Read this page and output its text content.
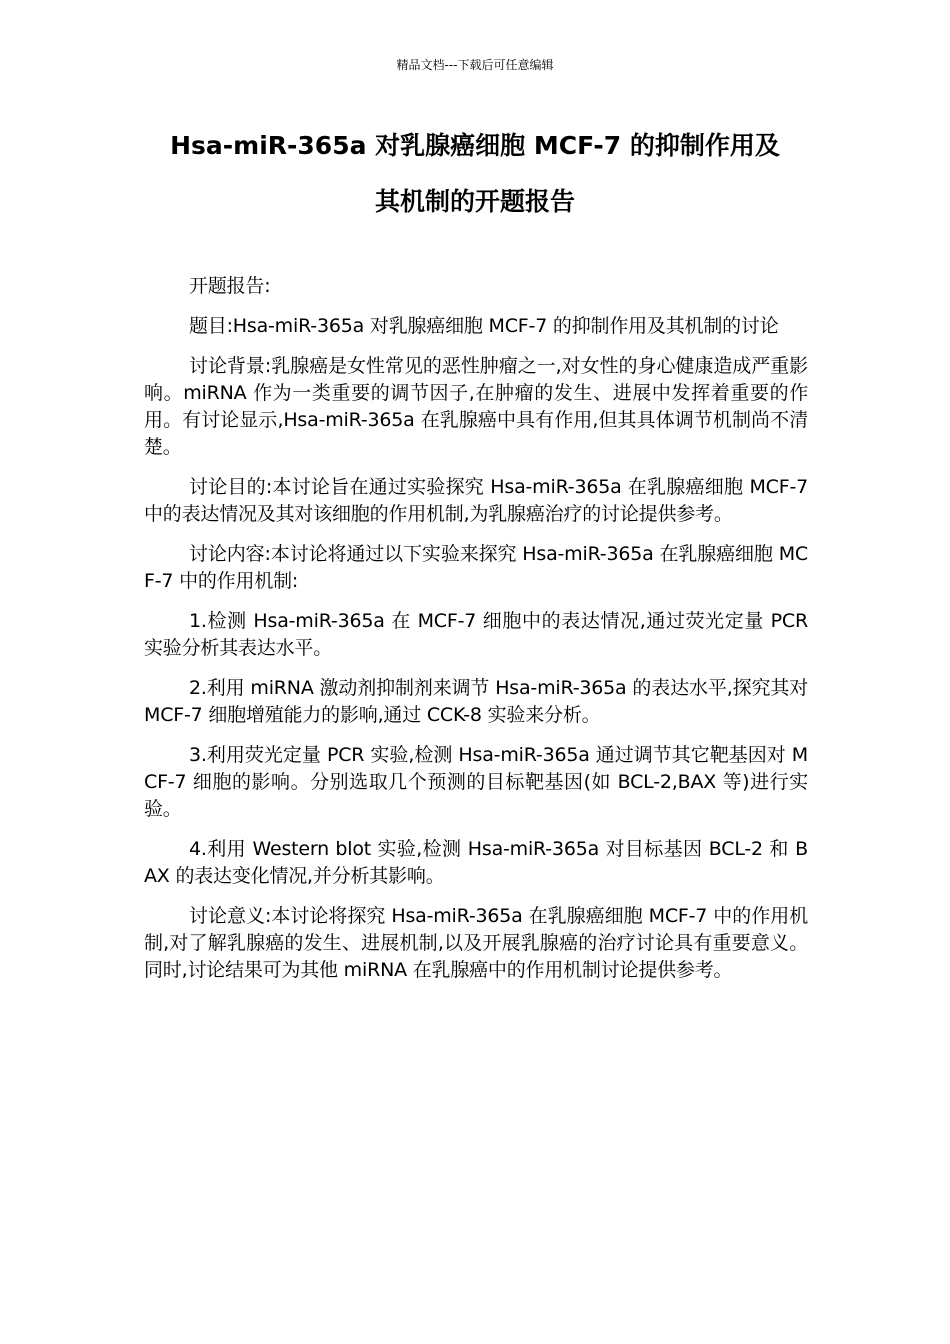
精品文档---下载后可任意编辑
Hsa-miR-365a 对乳腺癌细胞 MCF-7 的抑制作用及
其机制的开题报告

开题报告:

题目:Hsa-miR-365a 对乳腺癌细胞 MCF-7 的抑制作用及其机制的讨论

讨论背景:乳腺癌是女性常见的恶性肿瘤之一,对女性的身心健康造成严重影响。miRNA 作为一类重要的调节因子,在肿瘤的发生、进展中发挥着重要的作用。有讨论显示,Hsa-miR-365a 在乳腺癌中具有作用,但其具体调节机制尚不清楚。

讨论目的:本讨论旨在通过实验探究 Hsa-miR-365a 在乳腺癌细胞 MCF-7 中的表达情况及其对该细胞的作用机制,为乳腺癌治疗的讨论提供参考。

讨论内容:本讨论将通过以下实验来探究 Hsa-miR-365a 在乳腺癌细胞 MCF-7 中的作用机制:

1.检测 Hsa-miR-365a 在 MCF-7 细胞中的表达情况,通过荧光定量 PCR 实验分析其表达水平。

2.利用 miRNA 激动剂抑制剂来调节 Hsa-miR-365a 的表达水平,探究其对 MCF-7 细胞增殖能力的影响,通过 CCK-8 实验来分析。

3.利用荧光定量 PCR 实验,检测 Hsa-miR-365a 通过调节其它靶基因对 MCF-7 细胞的影响。分别选取几个预测的目标靶基因(如 BCL-2,BAX 等)进行实验。

4.利用 Western blot 实验,检测 Hsa-miR-365a 对目标基因 BCL-2 和 BAX 的表达变化情况,并分析其影响。

讨论意义:本讨论将探究 Hsa-miR-365a 在乳腺癌细胞 MCF-7 中的作用机制,对了解乳腺癌的发生、进展机制,以及开展乳腺癌的治疗讨论具有重要意义。同时,讨论结果可为其他 miRNA 在乳腺癌中的作用机制讨论提供参考。
